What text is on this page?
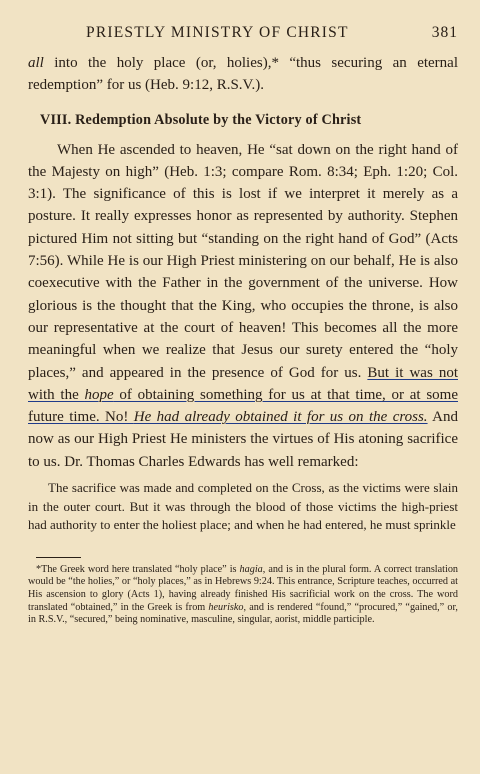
PRIESTLY MINISTRY OF CHRIST	381

all into the holy place (or, holies),* “thus securing an eternal redemption” for us (Heb. 9:12, R.S.V.).

VIII. Redemption Absolute by the Victory of Christ

When He ascended to heaven, He “sat down on the right hand of the Majesty on high” (Heb. 1:3; compare Rom. 8:34; Eph. 1:20; Col. 3:1). The significance of this is lost if we interpret it merely as a posture. It really expresses honor as represented by authority. Stephen pictured Him not sitting but “standing on the right hand of God” (Acts 7:56). While He is our High Priest ministering on our behalf, He is also coexecutive with the Father in the government of the universe. How glorious is the thought that the King, who occupies the throne, is also our representative at the court of heaven! This becomes all the more meaningful when we realize that Jesus our surety entered the “holy places,” and appeared in the presence of God for us. But it was not with the hope of obtaining something for us at that time, or at some future time. No! He had already obtained it for us on the cross. And now as our High Priest He ministers the virtues of His atoning sacrifice to us. Dr. Thomas Charles Edwards has well remarked:

The sacrifice was made and completed on the Cross, as the victims were slain in the outer court. But it was through the blood of those victims the high-priest had authority to enter the holiest place; and when he had entered, he must sprinkle

*The Greek word here translated “holy place” is hagia, and is in the plural form. A correct translation would be “the holies,” or “holy places,” as in Hebrews 9:24. This entrance, Scripture teaches, occurred at His ascension to glory (Acts 1), having already finished His sacrificial work on the cross. The word translated “obtained,” in the Greek is from heurisko, and is rendered “found,” “procured,” “gained,” or, in R.S.V., “secured,” being nominative, masculine, singular, aorist, middle participle.
